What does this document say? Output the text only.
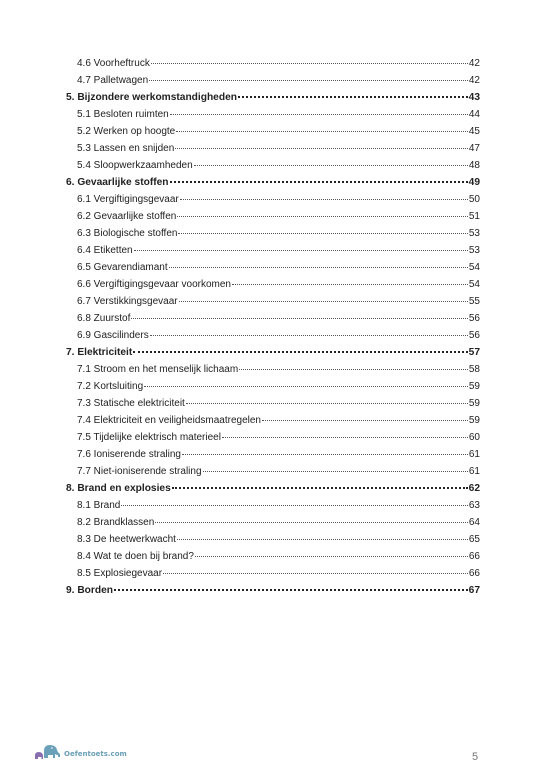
4.6 Voorheftruck	42
4.7 Palletwagen	42
5. Bijzondere werkomstandigheden	43
5.1 Besloten ruimten	44
5.2 Werken op hoogte	45
5.3 Lassen en snijden	47
5.4 Sloopwerkzaamheden	48
6. Gevaarlijke stoffen	49
6.1 Vergiftigingsgevaar	50
6.2 Gevaarlijke stoffen	51
6.3 Biologische stoffen	53
6.4 Etiketten	53
6.5 Gevarendiamant	54
6.6 Vergiftigingsgevaar voorkomen	54
6.7 Verstikkingsgevaar	55
6.8 Zuurstof	56
6.9 Gascilinders	56
7. Elektriciteit	57
7.1 Stroom en het menselijk lichaam	58
7.2 Kortsluiting	59
7.3 Statische elektriciteit	59
7.4 Elektriciteit en veiligheidsmaatregelen	59
7.5 Tijdelijke elektrisch materieel	60
7.6 Ioniserende straling	61
7.7 Niet-ioniserende straling	61
8. Brand en explosies	62
8.1 Brand	63
8.2 Brandklassen	64
8.3 De heetwerkwacht	65
8.4 Wat te doen bij brand?	66
8.5 Explosiegevaar	66
9. Borden	67
Oefentoets.com	5
